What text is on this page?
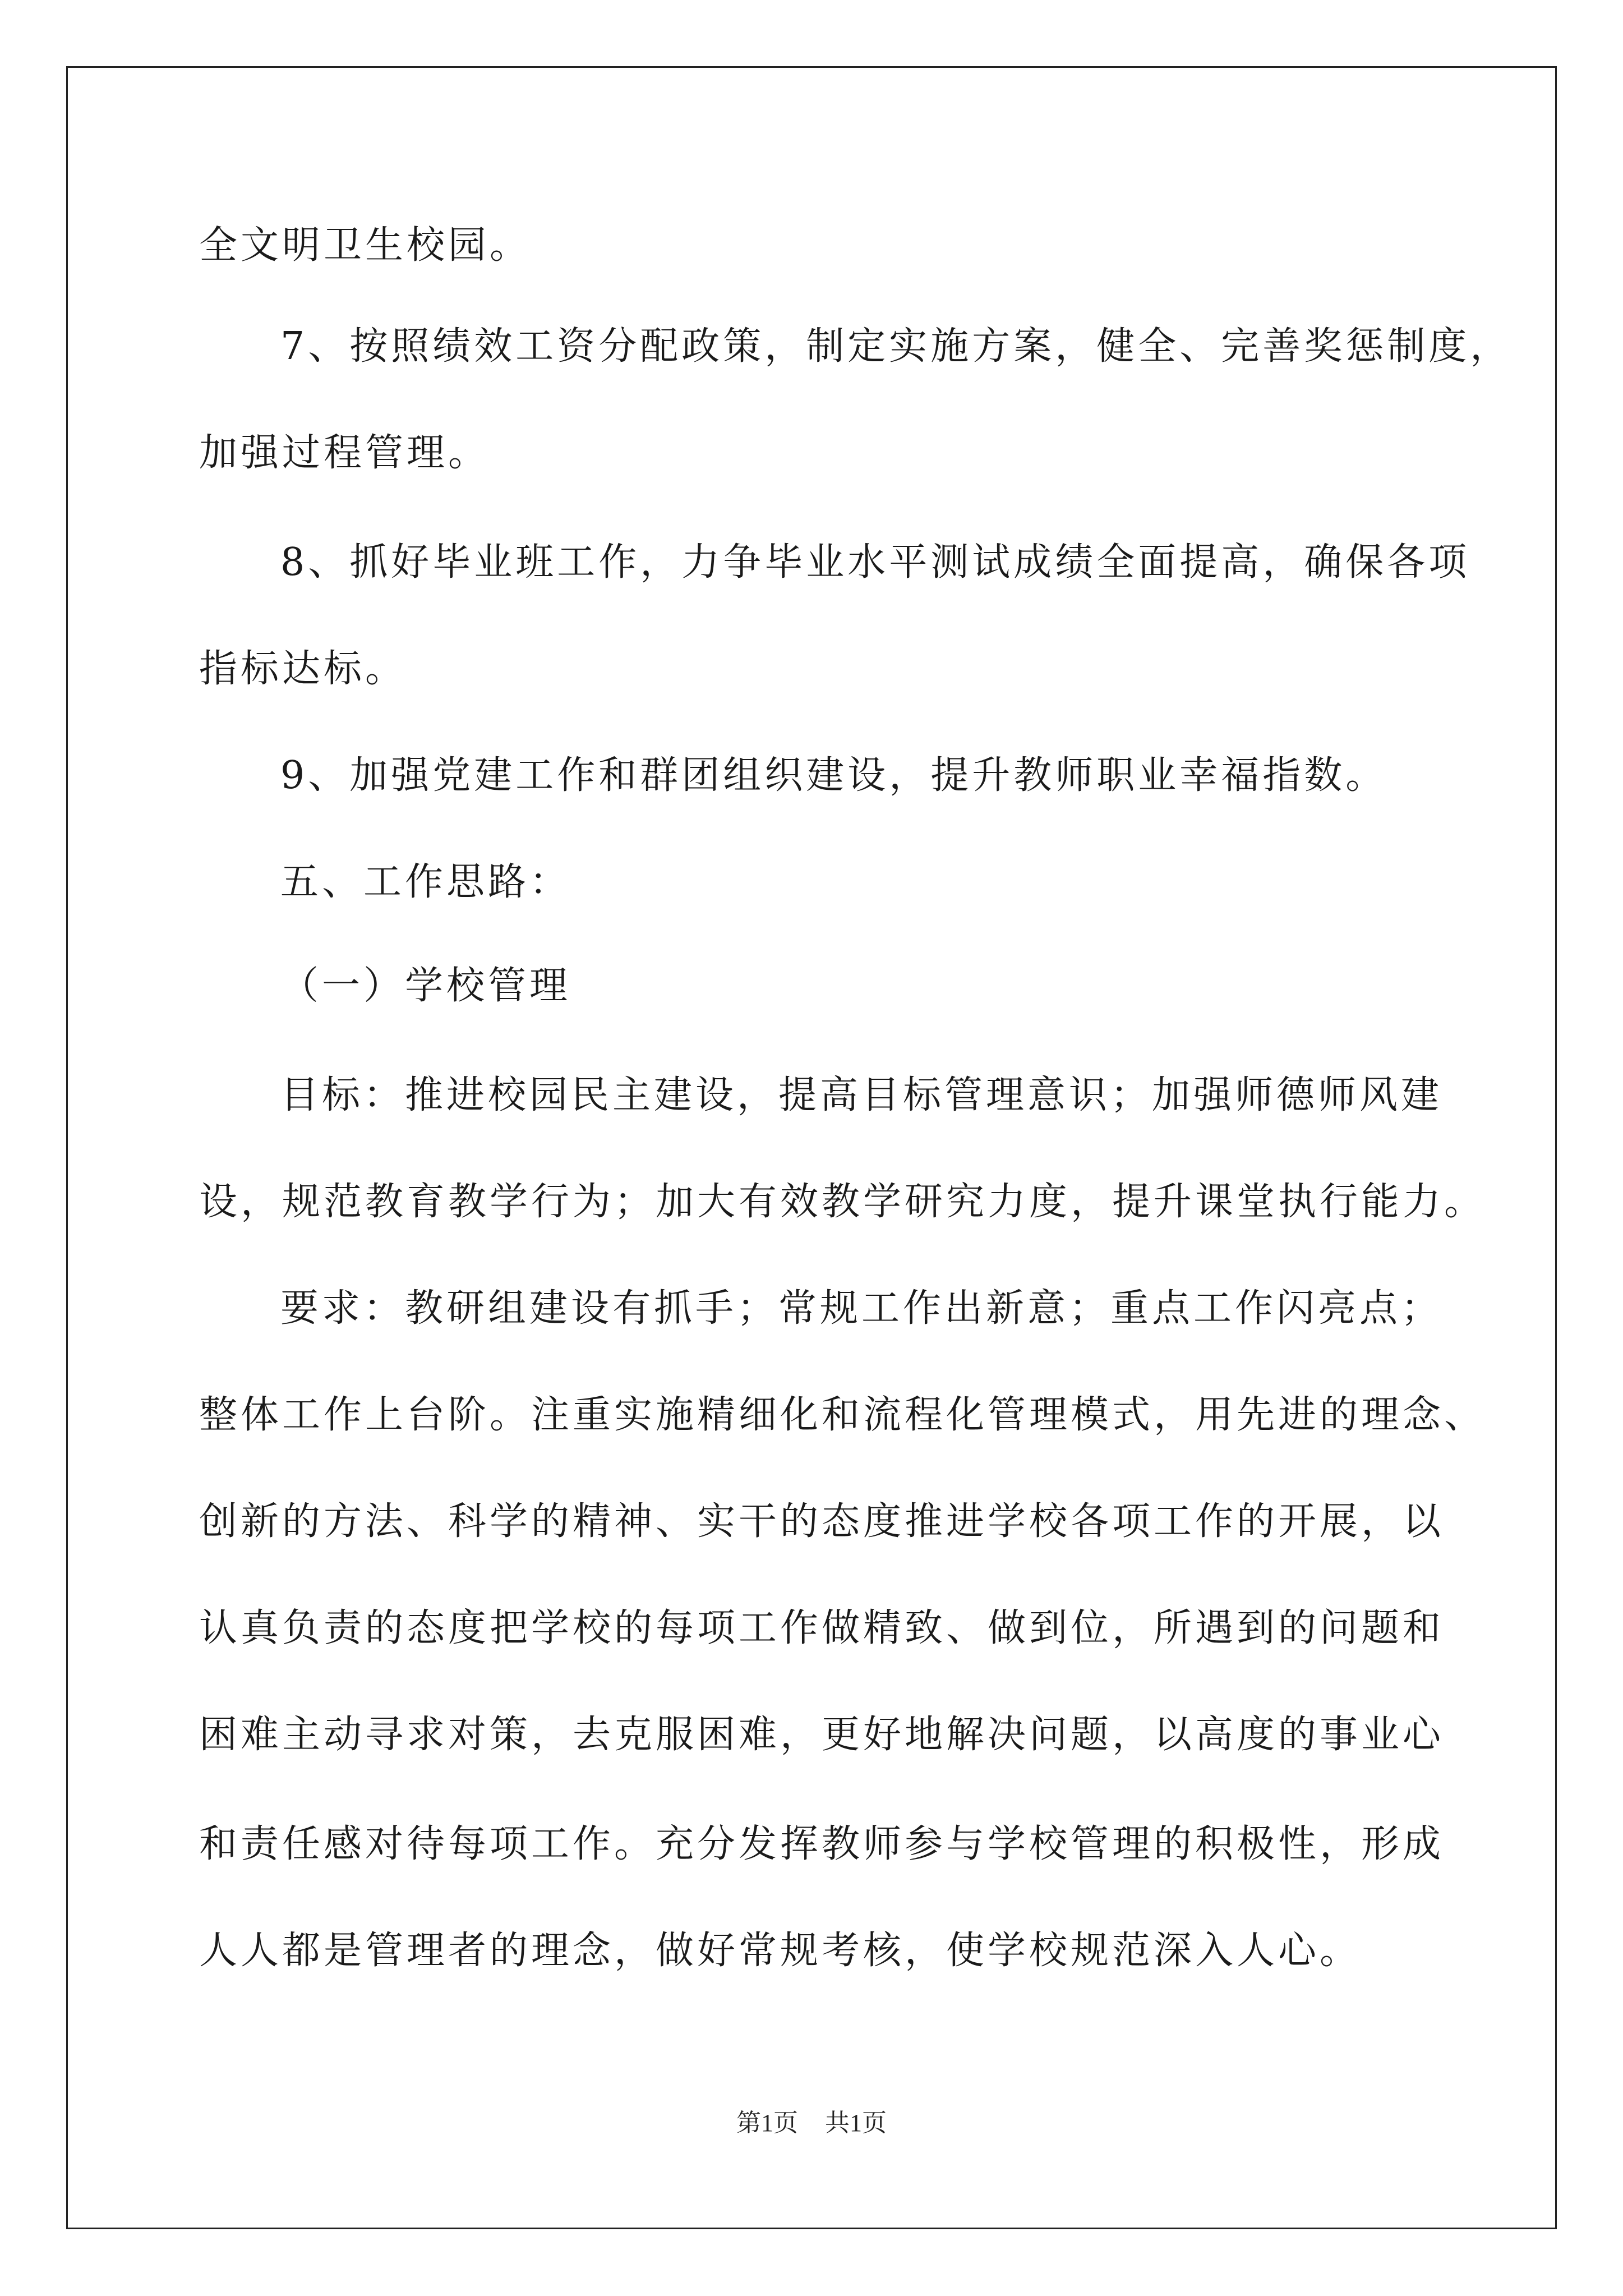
全文明卫生校园。
7、按照绩效工资分配政策，制定实施方案，健全、完善奖惩制度，
加强过程管理。
8、抓好毕业班工作，力争毕业水平测试成绩全面提高，确保各项
指标达标。
9、加强党建工作和群团组织建设，提升教师职业幸福指数。
五、工作思路：
（一）学校管理
目标：推进校园民主建设，提高目标管理意识；加强师德师风建
设，规范教育教学行为；加大有效教学研究力度，提升课堂执行能力。
要求：教研组建设有抓手；常规工作出新意；重点工作闪亮点；
整体工作上台阶。注重实施精细化和流程化管理模式，用先进的理念、
创新的方法、科学的精神、实干的态度推进学校各项工作的开展，以
认真负责的态度把学校的每项工作做精致、做到位，所遇到的问题和
困难主动寻求对策，去克服困难，更好地解决问题，以高度的事业心
和责任感对待每项工作。充分发挥教师参与学校管理的积极性，形成
人人都是管理者的理念，做好常规考核，使学校规范深入人心。
第1页 共1页
